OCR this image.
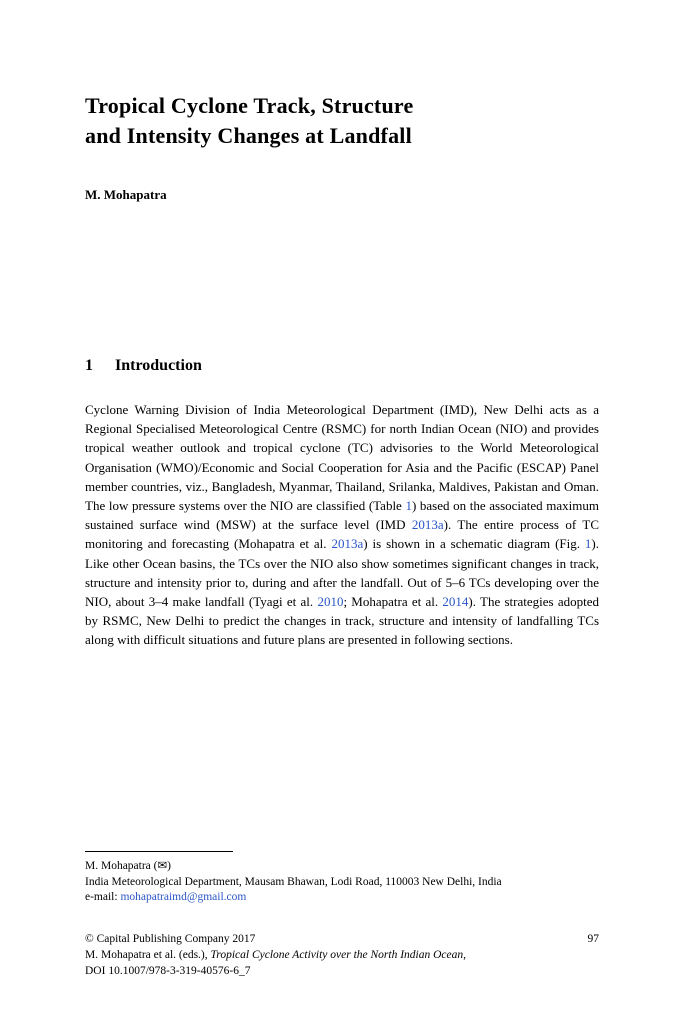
Tropical Cyclone Track, Structure
and Intensity Changes at Landfall
M. Mohapatra
1 Introduction

Cyclone Warning Division of India Meteorological Department (IMD), New Delhi acts as a Regional Specialised Meteorological Centre (RSMC) for north Indian Ocean (NIO) and provides tropical weather outlook and tropical cyclone (TC) advisories to the World Meteorological Organisation (WMO)/Economic and Social Cooperation for Asia and the Pacific (ESCAP) Panel member countries, viz., Bangladesh, Myanmar, Thailand, Srilanka, Maldives, Pakistan and Oman. The low pressure systems over the NIO are classified (Table 1) based on the associated maximum sustained surface wind (MSW) at the surface level (IMD 2013a). The entire process of TC monitoring and forecasting (Mohapatra et al. 2013a) is shown in a schematic diagram (Fig. 1). Like other Ocean basins, the TCs over the NIO also show sometimes significant changes in track, structure and intensity prior to, during and after the landfall. Out of 5–6 TCs developing over the NIO, about 3–4 make landfall (Tyagi et al. 2010; Mohapatra et al. 2014). The strategies adopted by RSMC, New Delhi to predict the changes in track, structure and intensity of landfalling TCs along with difficult situations and future plans are presented in following sections.

M. Mohapatra (✉)
India Meteorological Department, Mausam Bhawan, Lodi Road, 110003 New Delhi, India
e-mail: mohapatraimd@gmail.com
© Capital Publishing Company 2017	97
M. Mohapatra et al. (eds.), Tropical Cyclone Activity over the North Indian Ocean,
DOI 10.1007/978-3-319-40576-6_7
